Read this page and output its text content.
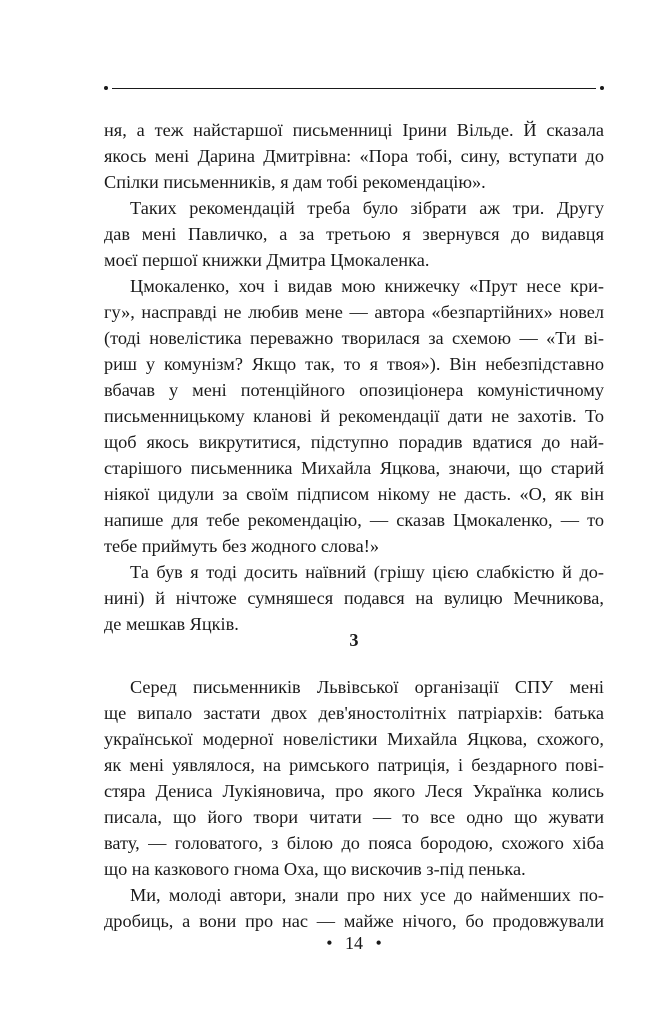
ня, а теж найстаршої письменниці Ірини Вільде. Й сказала
якось мені Дарина Дмитрівна: «Пора тобі, сину, вступати до
Спілки письменників, я дам тобі рекомендацію».
Таких рекомендацій треба було зібрати аж три. Другу
дав мені Павличко, а за третьою я звернувся до видавця
моєї першої книжки Дмитра Цмокаленка.
Цмокаленко, хоч і видав мою книжечку «Прут несе кри-
гу», насправді не любив мене — автора «безпартійних» новел
(тоді новелістика переважно творилася за схемою — «Ти ві-
риш у комунізм? Якщо так, то я твоя»). Він небезпідставно
вбачав у мені потенційного опозиціонера комуністичному
письменницькому кланові й рекомендації дати не захотів. То
щоб якось викрутитися, підступно порадив вдатися до най-
старішого письменника Михайла Яцкова, знаючи, що старий
ніякої цидули за своїм підписом нікому не дасть. «О, як він
напише для тебе рекомендацію, — сказав Цмокаленко, — то
тебе приймуть без жодного слова!»
Та був я тоді досить наївний (грішу цією слабкістю й до-
нині) й нічтоже сумняшеся подався на вулицю Мечникова,
де мешкав Яцків.
3
Серед письменників Львівської організації СПУ мені
ще випало застати двох дев'яностолітніх патріархів: батька
української модерної новелістики Михайла Яцкова, схожого,
як мені уявлялося, на римського патриція, і бездарного пові-
стяра Дениса Лукіяновича, про якого Леся Українка колись
писала, що його твори читати — то все одно що жувати
вату, — головатого, з білою до пояса бородою, схожого хіба
що на казкового гнома Оха, що вискочив з-під пенька.
Ми, молоді автори, знали про них усе до найменших по-
дробиць, а вони про нас — майже нічого, бо продовжували
• 14 •
